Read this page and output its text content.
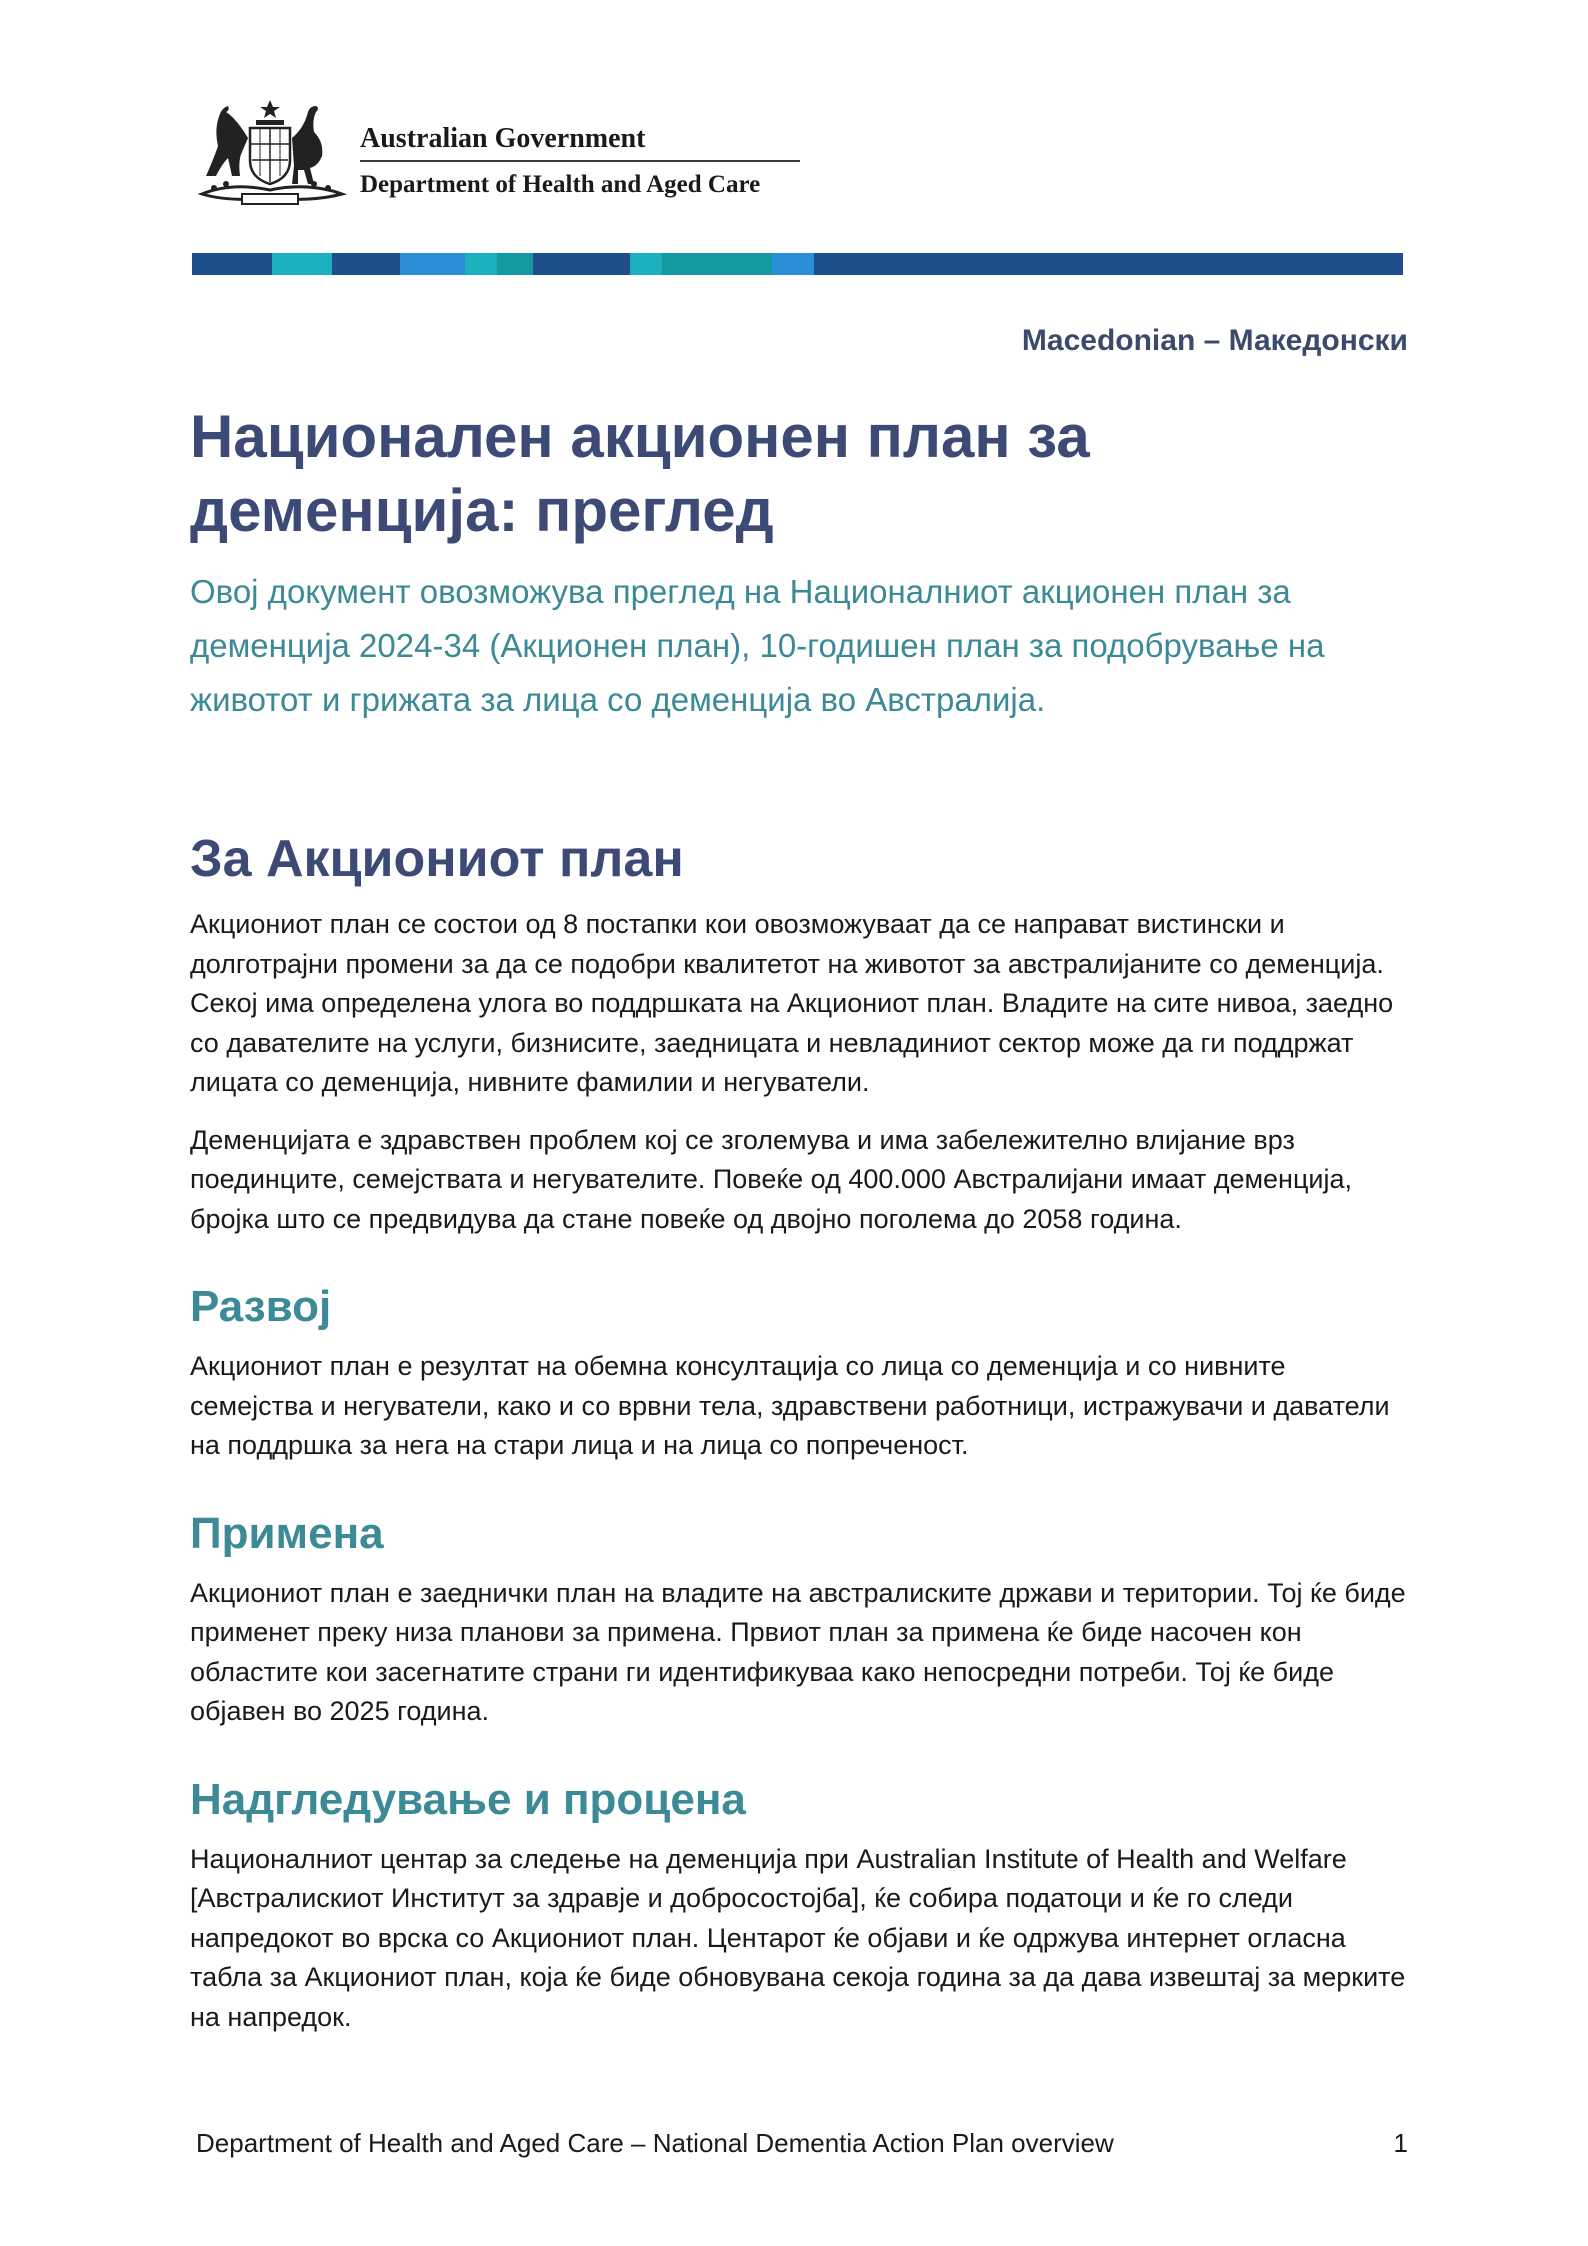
Australian Government
Department of Health and Aged Care
Macedonian – Македонски
Национален акционен план за
деменција: преглед

Овој документ овозможува преглед на Националниот акционен план за деменција 2024-34 (Акционен план), 10-годишен план за подобрување на животот и грижата за лица со деменција во Австралија.

За Акциониот план

Акциониот план се состои од 8 постапки кои овозможуваат да се направат вистински и долготрајни промени за да се подобри квалитетот на животот за австралијаните со деменција. Секој има определена улога во поддршката на Акциониот план. Владите на сите нивоа, заедно со давателите на услуги, бизнисите, заедницата и невладиниот сектор може да ги поддржат лицата со деменција, нивните фамилии и негуватели.

Деменцијата е здравствен проблем кој се зголемува и има забележително влијание врз поединците, семејствата и негувателите. Повеќе од 400.000 Австралијани имаат деменција, бројка што се предвидува да стане повеќе од двојно поголема до 2058 година.

Развој

Акциониот план е резултат на обемна консултација со лица со деменција и со нивните семејства и негуватели, како и со врвни тела, здравствени работници, истражувачи и даватели на поддршка за нега на стари лица и на лица со попреченост.

Примена

Акциониот план е заеднички план на владите на австралиските држави и територии. Тој ќе биде применет преку низа планови за примена. Првиот план за примена ќе биде насочен кон областите кои засегнатите страни ги идентификуваа како непосредни потреби. Тој ќе биде објавен во 2025 година.

Надгледување и процена

Националниот центар за следење на деменција при Australian Institute of Health and Welfare [Австралискиот Институт за здравје и добросостојба], ќе собира податоци и ќе го следи напредокот во врска со Акциониот план. Центарот ќе објави и ќе одржува интернет огласна табла за Акциониот план, која ќе биде обновувана секоја година за да дава извештај за мерките на напредок.

Department of Health and Aged Care – National Dementia Action Plan overview	1
